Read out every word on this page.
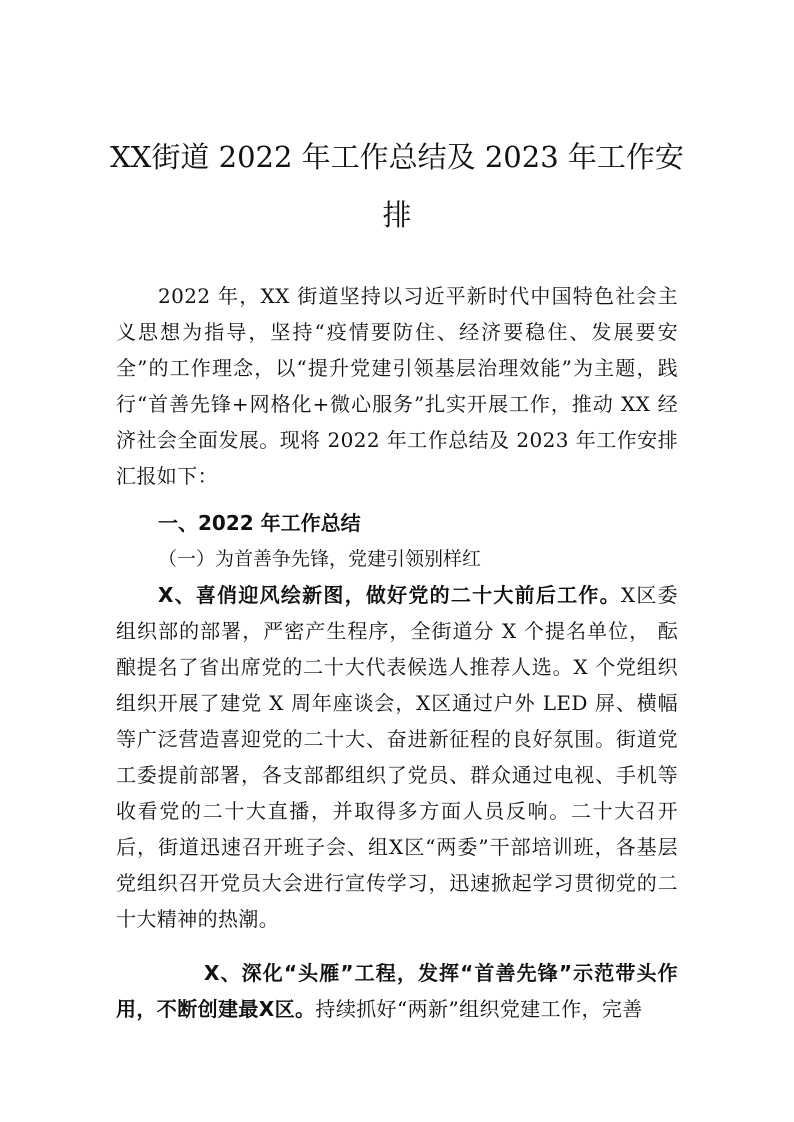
XX街道 2022 年工作总结及 2023 年工作安排
2022 年，XX 街道坚持以习近平新时代中国特色社会主义思想为指导，坚持“疫情要防住、经济要稳住、发展要安全”的工作理念，以“提升党建引领基层治理效能”为主题，践行“首善先锋+网格化+微心服务”扎实开展工作，推动 XX 经济社会全面发展。现将 2022 年工作总结及 2023 年工作安排汇报如下：
一、2022 年工作总结
（一）为首善争先锋，党建引领别样红
X、喜俏迎风绘新图，做好党的二十大前后工作。X区委组织部的部署，严密产生程序，全街道分 X 个提名单位， 酝酿提名了省出席党的二十大代表候选人推荐人选。X 个党组织组织开展了建党 X 周年座谈会，X区通过户外 LED 屏、横幅等广泛营造喜迎党的二十大、奋进新征程的良好氛围。街道党工委提前部署，各支部都组织了党员、群众通过电视、手机等收看党的二十大直播，并取得多方面人员反响。二十大召开后，街道迅速召开班子会、组X区“两委”干部培训班，各基层党组织召开党员大会进行宣传学习，迅速掀起学习贯彻党的二十大精神的热潮。
X、深化“头雁”工程，发挥“首善先锋”示范带头作用，不断创建最X区。持续抓好“两新”组织党建工作，完善
